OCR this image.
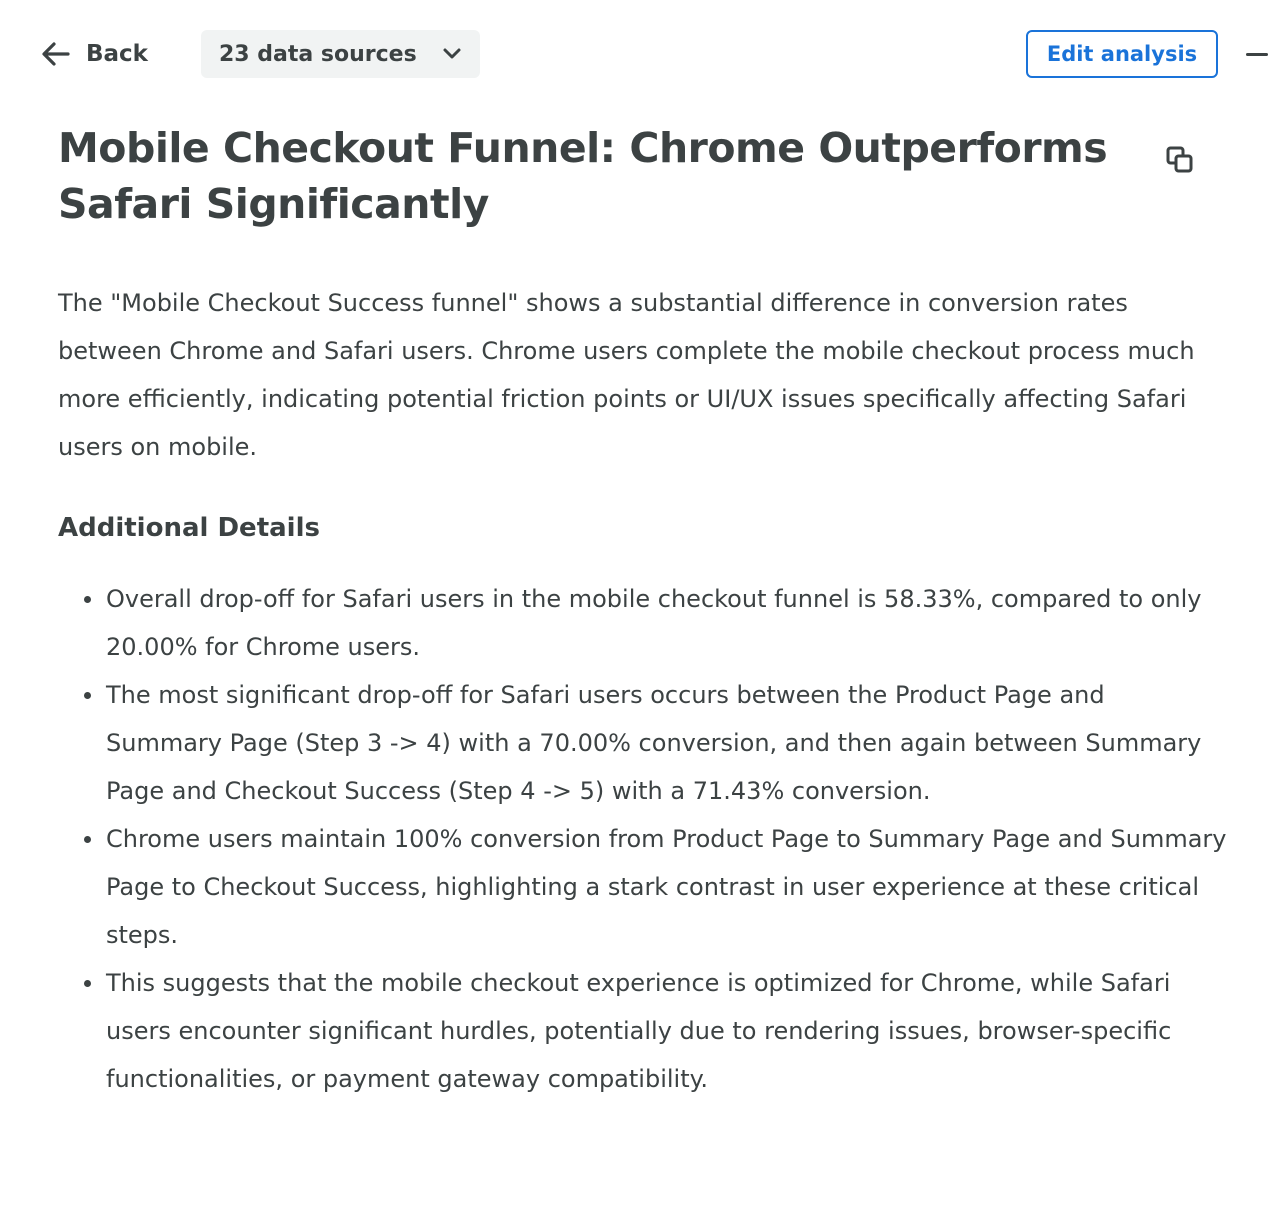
Back	23 data sources	Edit analysis
Mobile Checkout Funnel: Chrome Outperforms Safari Significantly

The "Mobile Checkout Success funnel" shows a substantial difference in conversion rates between Chrome and Safari users. Chrome users complete the mobile checkout process much more efficiently, indicating potential friction points or UI/UX issues specifically affecting Safari users on mobile.

Additional Details
Overall drop-off for Safari users in the mobile checkout funnel is 58.33%, compared to only 20.00% for Chrome users.
The most significant drop-off for Safari users occurs between the Product Page and Summary Page (Step 3 -> 4) with a 70.00% conversion, and then again between Summary Page and Checkout Success (Step 4 -> 5) with a 71.43% conversion.
Chrome users maintain 100% conversion from Product Page to Summary Page and Summary Page to Checkout Success, highlighting a stark contrast in user experience at these critical steps.
This suggests that the mobile checkout experience is optimized for Chrome, while Safari users encounter significant hurdles, potentially due to rendering issues, browser-specific functionalities, or payment gateway compatibility.
